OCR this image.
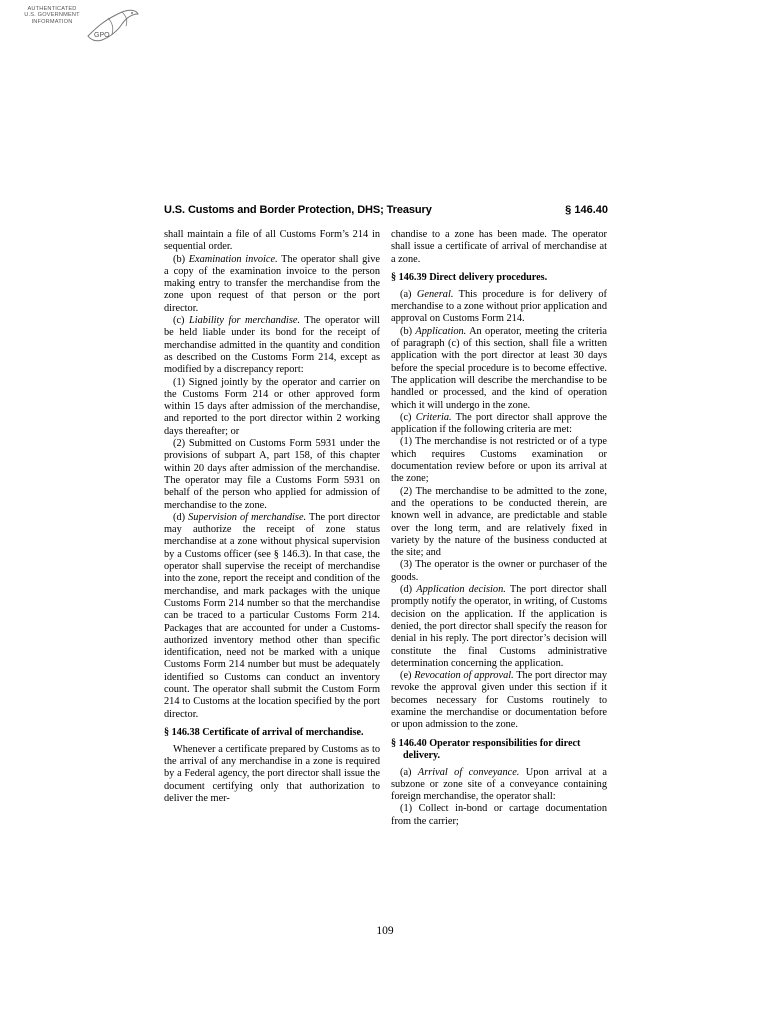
AUTHENTICATED
U.S. GOVERNMENT
INFORMATION
GPO
U.S. Customs and Border Protection, DHS; Treasury	§ 146.40

shall maintain a file of all Customs Form’s 214 in sequential order.

(b) Examination invoice. The operator shall give a copy of the examination invoice to the person making entry to transfer the merchandise from the zone upon request of that person or the port director.

(c) Liability for merchandise. The operator will be held liable under its bond for the receipt of merchandise admitted in the quantity and condition as described on the Customs Form 214, except as modified by a discrepancy report:

(1) Signed jointly by the operator and carrier on the Customs Form 214 or other approved form within 15 days after admission of the merchandise, and reported to the port director within 2 working days thereafter; or

(2) Submitted on Customs Form 5931 under the provisions of subpart A, part 158, of this chapter within 20 days after admission of the merchandise. The operator may file a Customs Form 5931 on behalf of the person who applied for admission of merchandise to the zone.

(d) Supervision of merchandise. The port director may authorize the receipt of zone status merchandise at a zone without physical supervision by a Customs officer (see § 146.3). In that case, the operator shall supervise the receipt of merchandise into the zone, report the receipt and condition of the merchandise, and mark packages with the unique Customs Form 214 number so that the merchandise can be traced to a particular Customs Form 214. Packages that are accounted for under a Customs-authorized inventory method other than specific identification, need not be marked with a unique Customs Form 214 number but must be adequately identified so Customs can conduct an inventory count. The operator shall submit the Custom Form 214 to Customs at the location specified by the port director.

§ 146.38 Certificate of arrival of merchandise.

Whenever a certificate prepared by Customs as to the arrival of any merchandise in a zone is required by a Federal agency, the port director shall issue the document certifying only that authorization to deliver the mer-

chandise to a zone has been made. The operator shall issue a certificate of arrival of merchandise at a zone.

§ 146.39 Direct delivery procedures.

(a) General. This procedure is for delivery of merchandise to a zone without prior application and approval on Customs Form 214.

(b) Application. An operator, meeting the criteria of paragraph (c) of this section, shall file a written application with the port director at least 30 days before the special procedure is to become effective. The application will describe the merchandise to be handled or processed, and the kind of operation which it will undergo in the zone.

(c) Criteria. The port director shall approve the application if the following criteria are met:

(1) The merchandise is not restricted or of a type which requires Customs examination or documentation review before or upon its arrival at the zone;

(2) The merchandise to be admitted to the zone, and the operations to be conducted therein, are known well in advance, are predictable and stable over the long term, and are relatively fixed in variety by the nature of the business conducted at the site; and

(3) The operator is the owner or purchaser of the goods.

(d) Application decision. The port director shall promptly notify the operator, in writing, of Customs decision on the application. If the application is denied, the port director shall specify the reason for denial in his reply. The port director’s decision will constitute the final Customs administrative determination concerning the application.

(e) Revocation of approval. The port director may revoke the approval given under this section if it becomes necessary for Customs routinely to examine the merchandise or documentation before or upon admission to the zone.

§ 146.40 Operator responsibilities for direct delivery.

(a) Arrival of conveyance. Upon arrival at a subzone or zone site of a conveyance containing foreign merchandise, the operator shall:

(1) Collect in-bond or cartage documentation from the carrier;

109
